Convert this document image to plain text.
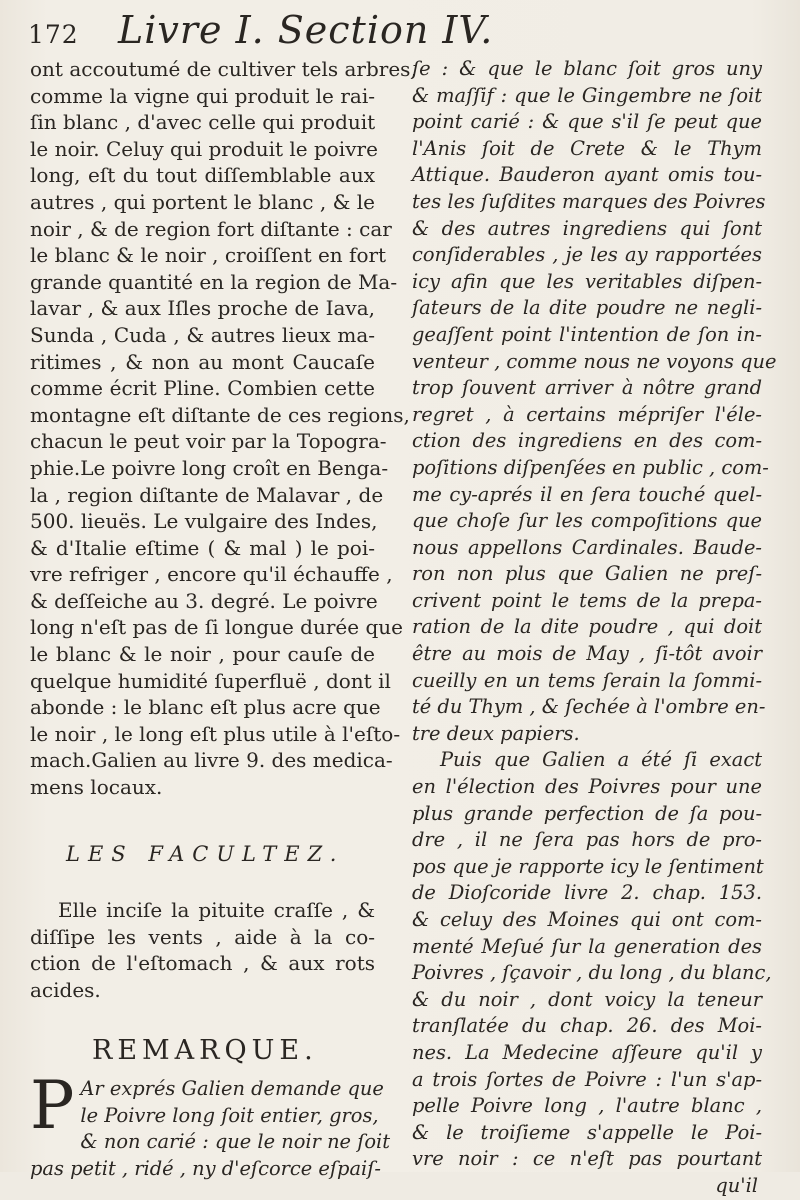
172 Livre I. Section IV.
ont accoutumé de cultiver tels arbres,
comme la vigne qui produit le rai-
ſin blanc , d'avec celle qui produit
le noir. Celuy qui produit le poivre
long, eſt du tout diſſemblable aux
autres , qui portent le blanc , & le
noir , & de region fort diſtante : car
le blanc & le noir , croiſſent en fort
grande quantité en la region de Ma-
lavar , & aux Iſles proche de Iava,
Sunda , Cuda , & autres lieux ma-
ritimes , & non au mont Caucaſe
comme écrit Pline. Combien cette
montagne eſt diſtante de ces regions,
chacun le peut voir par la Topogra-
phie.Le poivre long croît en Benga-
la , region diſtante de Malavar , de
500. lieuës. Le vulgaire des Indes,
& d'Italie eſtime ( & mal ) le poi-
vre refriger , encore qu'il échauffe ,
& deſſeiche au 3. degré. Le poivre
long n'eſt pas de ſi longue durée que
le blanc & le noir , pour cauſe de
quelque humidité ſuperfluë , dont il
abonde : le blanc eſt plus acre que
le noir , le long eſt plus utile à l'eſto-
mach.Galien au livre 9. des medica-
mens locaux.
LES FACULTEZ.
Elle inciſe la pituite craſſe , &
diſſipe les vents , aide à la co-
ction de l'eſtomach , & aux rots
acides.
REMARQUE.
P Ar exprés Galien demande que
le Poivre long ſoit entier, gros,
& non carié : que le noir ne ſoit
pas petit , ridé , ny d'eſcorce eſpaiſ-
ſe : & que le blanc ſoit gros uny
& maſſif : que le Gingembre ne ſoit
point carié : & que s'il ſe peut que
l'Anis ſoit de Crete & le Thym
Attique. Bauderon ayant omis tou-
tes les ſuſdites marques des Poivres
& des autres ingrediens qui ſont
conſiderables , je les ay rapportées
icy afin que les veritables diſpen-
ſateurs de la dite poudre ne negli-
geaſſent point l'intention de ſon in-
venteur , comme nous ne voyons que
trop ſouvent arriver à nôtre grand
regret , à certains mépriſer l'éle-
ction des ingrediens en des com-
poſitions diſpenſées en public , com-
me cy-aprés il en ſera touché quel-
que choſe ſur les compoſitions que
nous appellons Cardinales. Baude-
ron non plus que Galien ne preſ-
crivent point le tems de la prepa-
ration de la dite poudre , qui doit
être au mois de May , ſi-tôt avoir
cueilly en un tems ſerain la ſommi-
té du Thym , & ſechée à l'ombre en-
tre deux papiers.
Puis que Galien a été ſi exact
en l'élection des Poivres pour une
plus grande perfection de ſa pou-
dre , il ne ſera pas hors de pro-
pos que je rapporte icy le ſentiment
de Dioſcoride livre 2. chap. 153.
& celuy des Moines qui ont com-
menté Meſué ſur la generation des
Poivres , ſçavoir , du long , du blanc,
& du noir , dont voicy la teneur
tranſlatée du chap. 26. des Moi-
nes. La Medecine aſſeure qu'il y
a trois ſortes de Poivre : l'un s'ap-
pelle Poivre long , l'autre blanc ,
& le troiſieme s'appelle le Poi-
vre noir : ce n'eſt pas pourtant
qu'il
